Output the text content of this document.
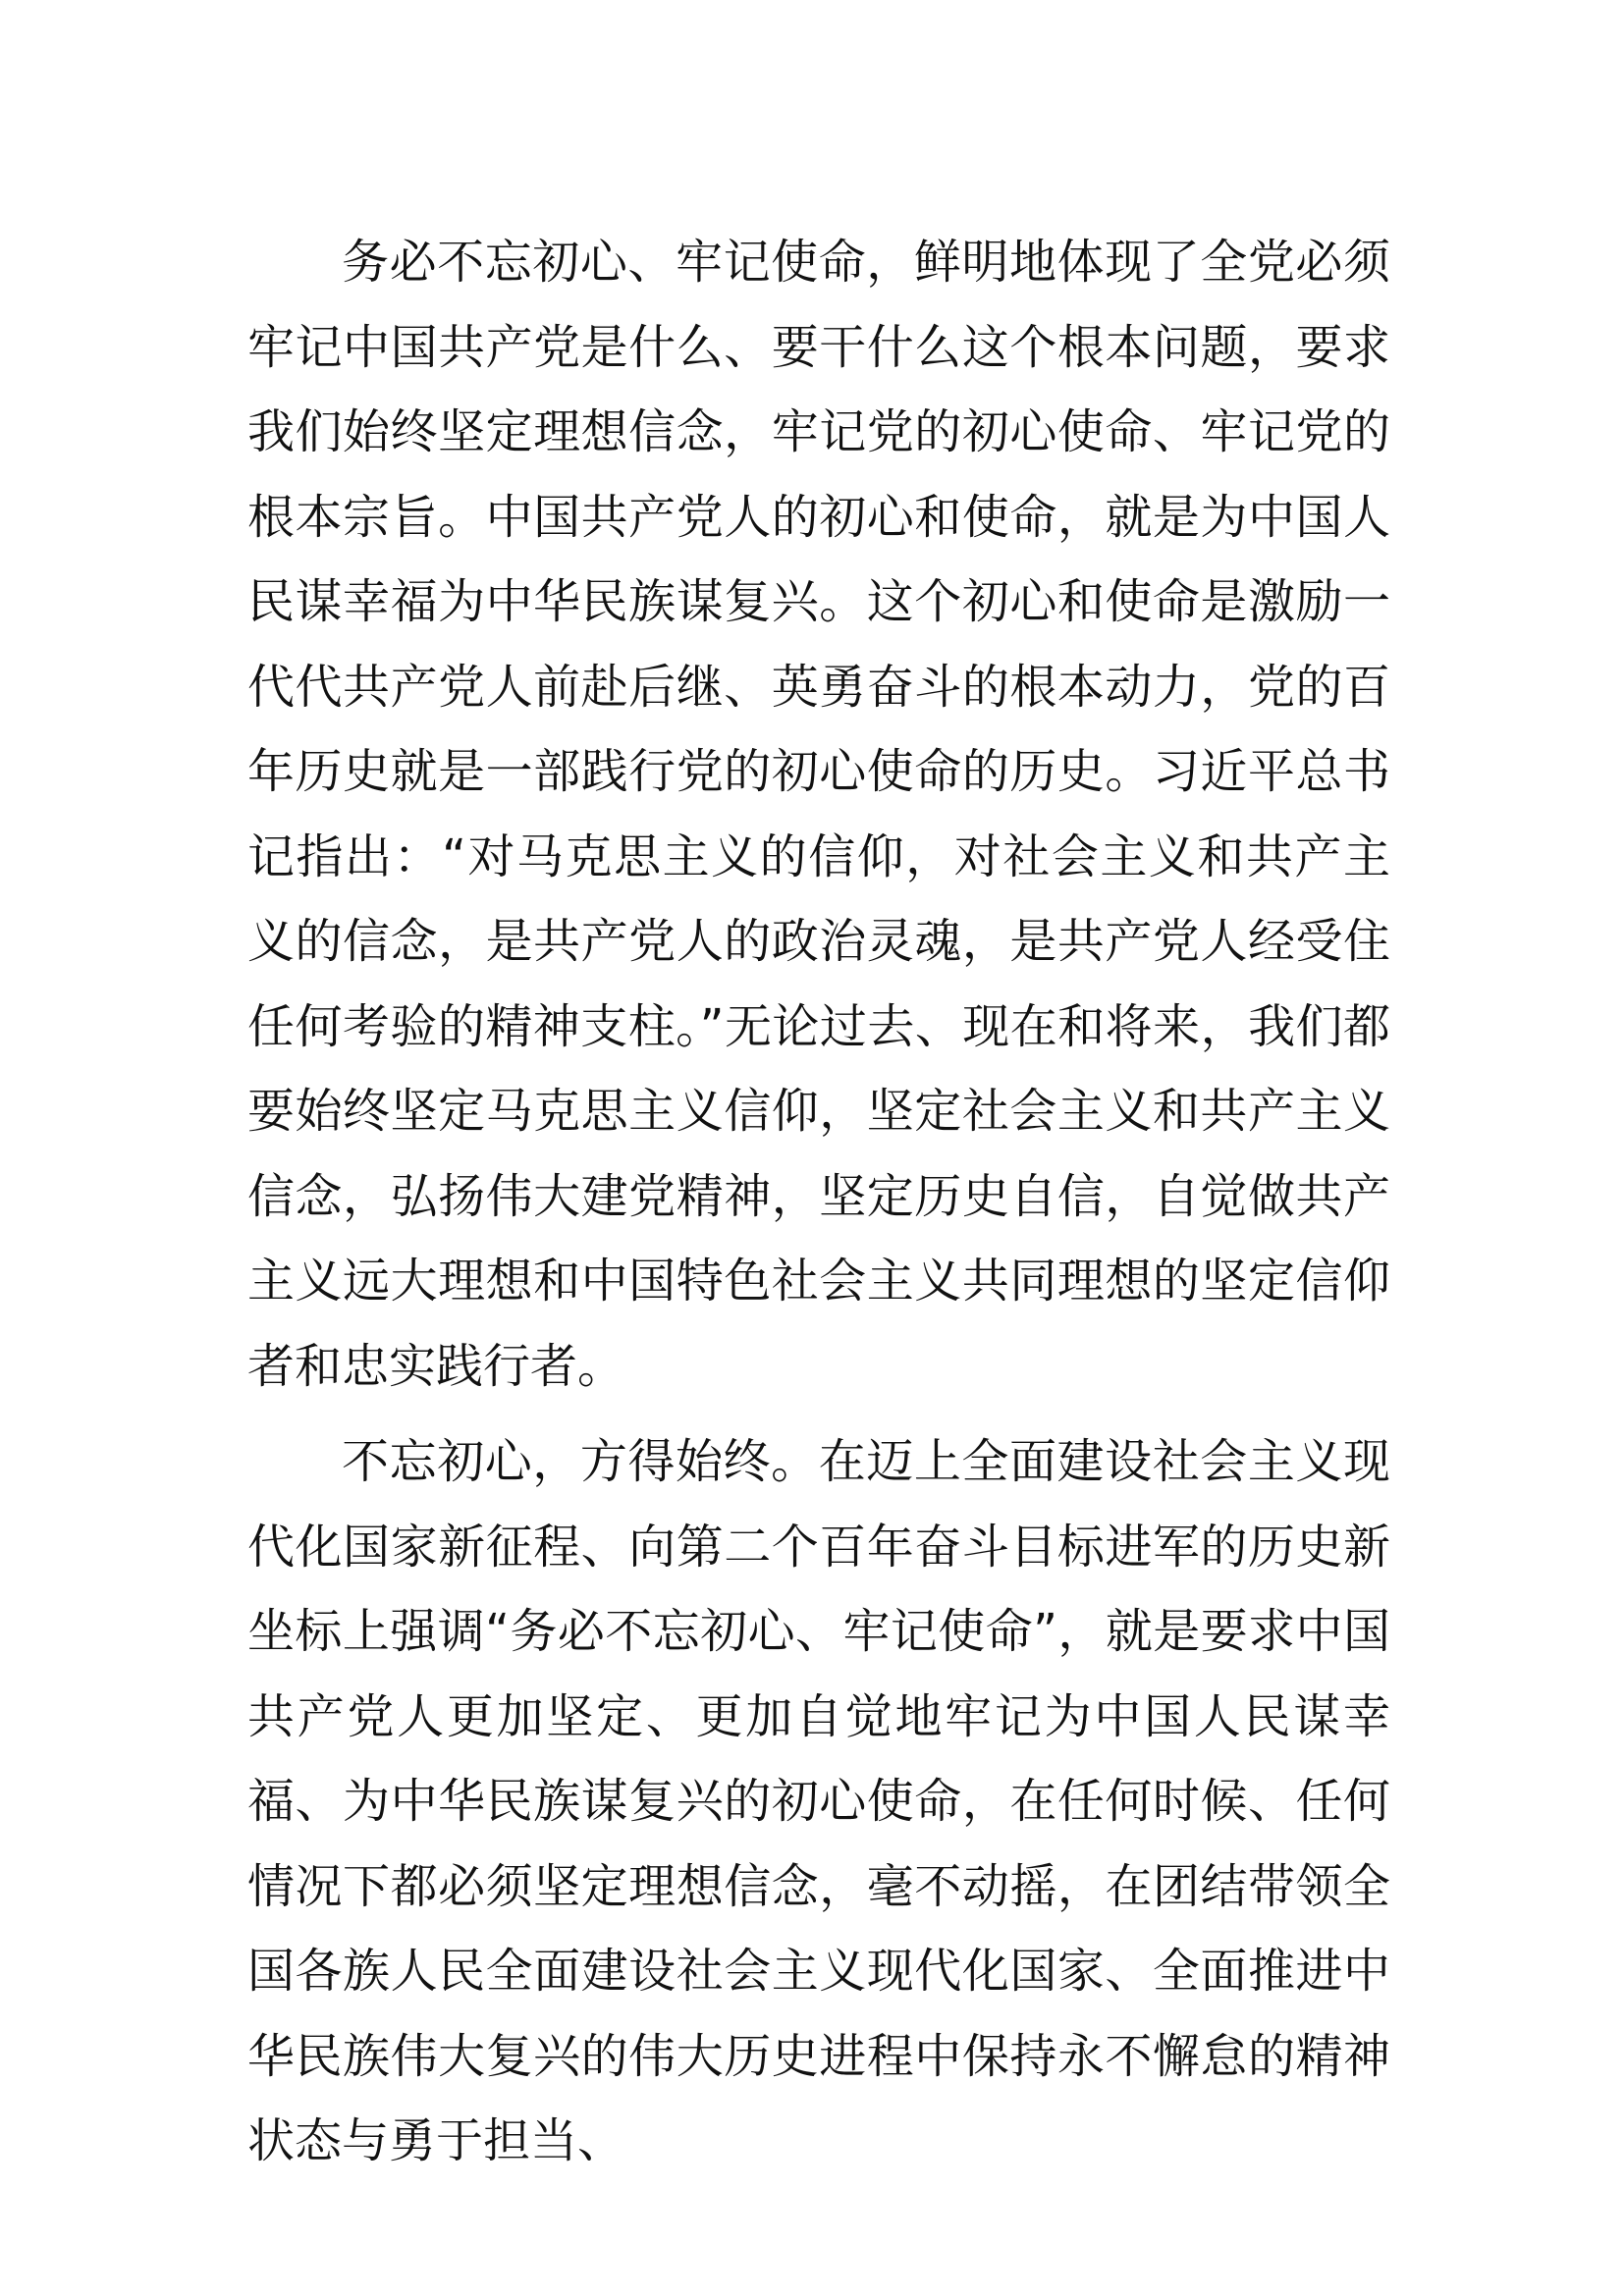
务必不忘初心、牢记使命，鲜明地体现了全党必须牢记中国共产党是什么、要干什么这个根本问题，要求我们始终坚定理想信念，牢记党的初心使命、牢记党的根本宗旨。中国共产党人的初心和使命，就是为中国人民谋幸福为中华民族谋复兴。这个初心和使命是激励一代代共产党人前赴后继、英勇奋斗的根本动力，党的百年历史就是一部践行党的初心使命的历史。习近平总书记指出：“对马克思主义的信仰，对社会主义和共产主义的信念，是共产党人的政治灵魂，是共产党人经受住任何考验的精神支柱。”无论过去、现在和将来，我们都要始终坚定马克思主义信仰，坚定社会主义和共产主义信念，弘扬伟大建党精神，坚定历史自信，自觉做共产主义远大理想和中国特色社会主义共同理想的坚定信仰者和忠实践行者。

不忘初心，方得始终。在迈上全面建设社会主义现代化国家新征程、向第二个百年奋斗目标进军的历史新坐标上强调“务必不忘初心、牢记使命”，就是要求中国共产党人更加坚定、更加自觉地牢记为中国人民谋幸福、为中华民族谋复兴的初心使命，在任何时候、任何情况下都必须坚定理想信念，毫不动摇，在团结带领全国各族人民全面建设社会主义现代化国家、全面推进中华民族伟大复兴的伟大历史进程中保持永不懈怠的精神状态与勇于担当、
